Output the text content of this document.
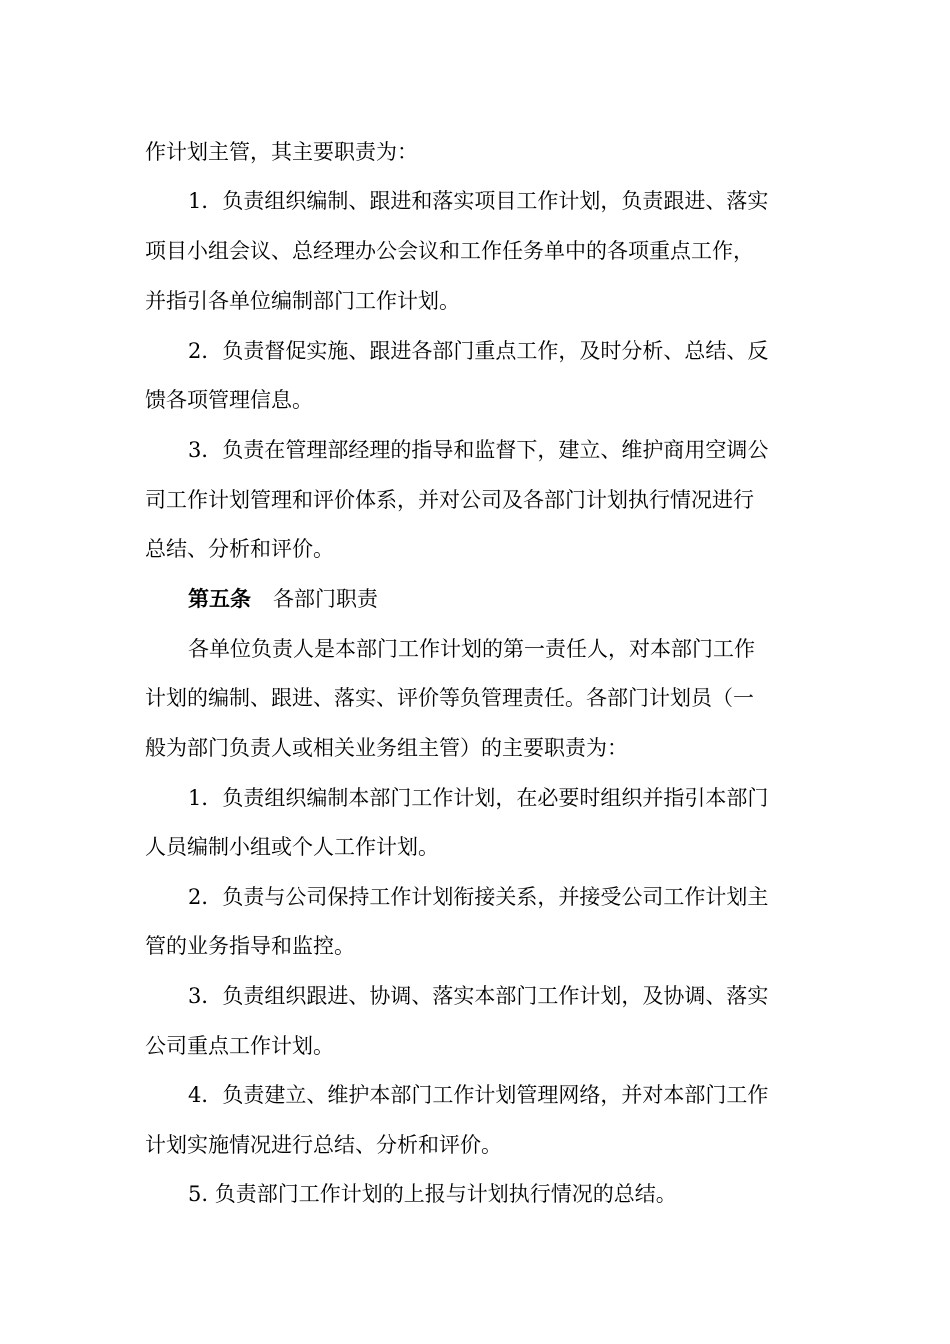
作计划主管，其主要职责为：
1．负责组织编制、跟进和落实项目工作计划，负责跟进、落实
项目小组会议、总经理办公会议和工作任务单中的各项重点工作，
并指引各单位编制部门工作计划。
2．负责督促实施、跟进各部门重点工作，及时分析、总结、反
馈各项管理信息。
3．负责在管理部经理的指导和监督下，建立、维护商用空调公
司工作计划管理和评价体系，并对公司及各部门计划执行情况进行
总结、分析和评价。
第五条 各部门职责
各单位负责人是本部门工作计划的第一责任人，对本部门工作
计划的编制、跟进、落实、评价等负管理责任。各部门计划员（一
般为部门负责人或相关业务组主管）的主要职责为：
1．负责组织编制本部门工作计划，在必要时组织并指引本部门
人员编制小组或个人工作计划。
2．负责与公司保持工作计划衔接关系，并接受公司工作计划主
管的业务指导和监控。
3．负责组织跟进、协调、落实本部门工作计划，及协调、落实
公司重点工作计划。
4．负责建立、维护本部门工作计划管理网络，并对本部门工作
计划实施情况进行总结、分析和评价。
5. 负责部门工作计划的上报与计划执行情况的总结。
